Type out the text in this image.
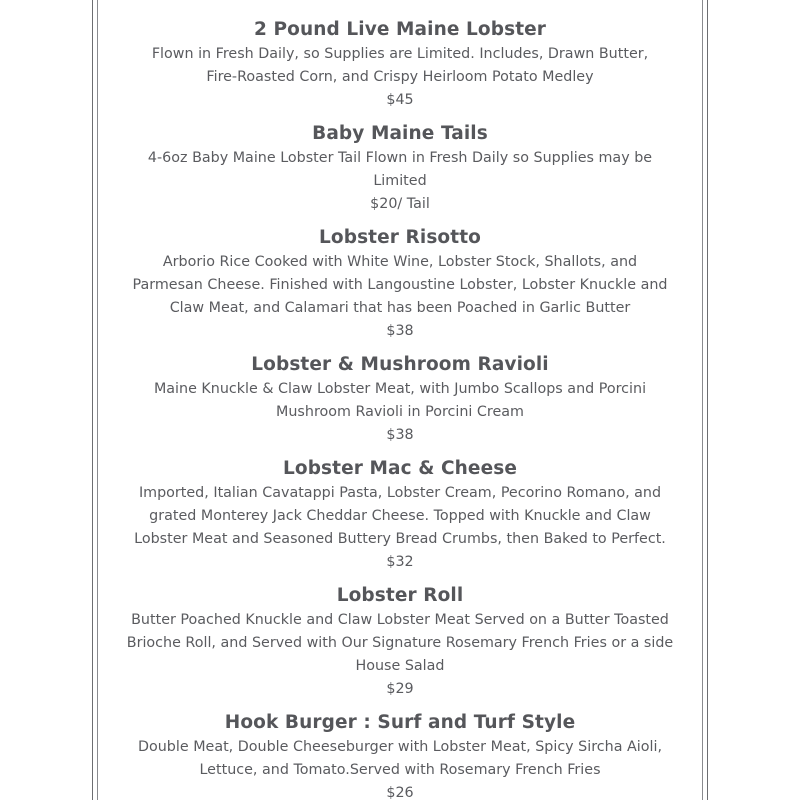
2 Pound Live Maine Lobster
Flown in Fresh Daily, so Supplies are Limited. Includes, Drawn Butter,
Fire-Roasted Corn, and Crispy Heirloom Potato Medley
$45
Baby Maine Tails
4-6oz Baby Maine Lobster Tail Flown in Fresh Daily so Supplies may be
Limited
$20/ Tail
Lobster Risotto
Arborio Rice Cooked with White Wine, Lobster Stock, Shallots, and
Parmesan Cheese. Finished with Langoustine Lobster, Lobster Knuckle and
Claw Meat, and Calamari that has been Poached in Garlic Butter
$38
Lobster & Mushroom Ravioli
Maine Knuckle & Claw Lobster Meat, with Jumbo Scallops and Porcini
Mushroom Ravioli in Porcini Cream
$38
Lobster Mac & Cheese
Imported, Italian Cavatappi Pasta, Lobster Cream, Pecorino Romano, and
grated Monterey Jack Cheddar Cheese. Topped with Knuckle and Claw
Lobster Meat and Seasoned Buttery Bread Crumbs, then Baked to Perfect.
$32
Lobster Roll
Butter Poached Knuckle and Claw Lobster Meat Served on a Butter Toasted
Brioche Roll, and Served with Our Signature Rosemary French Fries or a side
House Salad
$29
Hook Burger : Surf and Turf Style
Double Meat, Double Cheeseburger with Lobster Meat, Spicy Sircha Aioli,
Lettuce, and Tomato.Served with Rosemary French Fries
$26
